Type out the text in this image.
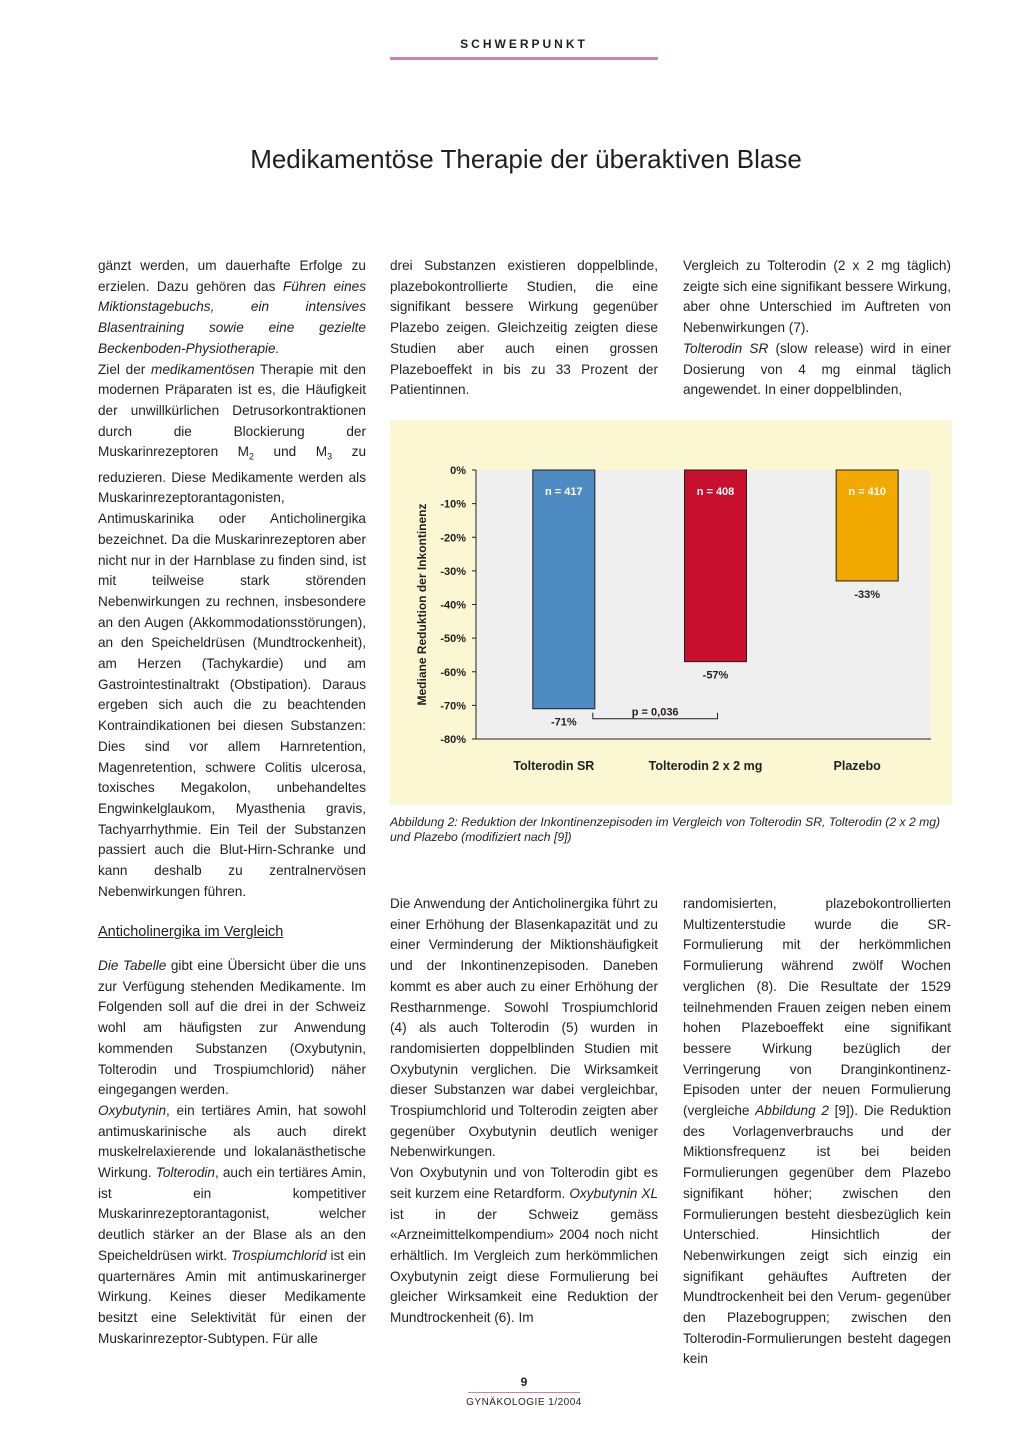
SCHWERPUNKT
Medikamentöse Therapie der überaktiven Blase

gänzt werden, um dauerhafte Erfolge zu erzielen. Dazu gehören das Führen eines Miktionstagebuchs, ein intensives Blasentraining sowie eine gezielte Beckenboden-Physiotherapie.

Ziel der medikamentösen Therapie mit den modernen Präparaten ist es, die Häufigkeit der unwillkürlichen Detrusorkontraktionen durch die Blockierung der Muskarinrezeptoren $M_2$ und $M_3$ zu reduzieren. Diese Medikamente werden als Muskarinrezeptorantagonisten, Antimuskarinika oder Anticholinergika bezeichnet. Da die Muskarinrezeptoren aber nicht nur in der Harnblase zu finden sind, ist mit teilweise stark störenden Nebenwirkungen zu rechnen, insbesondere an den Augen (Akkommodationsstörungen), an den Speicheldrüsen (Mundtrockenheit), am Herzen (Tachykardie) und am Gastrointestinaltrakt (Obstipation). Daraus ergeben sich auch die zu beachtenden Kontraindikationen bei diesen Substanzen: Dies sind vor allem Harnretention, Magenretention, schwere Colitis ulcerosa, toxisches Megakolon, unbehandeltes Engwinkelglaukom, Myasthenia gravis, Tachyarrhythmie. Ein Teil der Substanzen passiert auch die Blut-Hirn-Schranke und kann deshalb zu zentralnervösen Nebenwirkungen führen.

Anticholinergika im Vergleich

Die Tabelle gibt eine Übersicht über die uns zur Verfügung stehenden Medikamente. Im Folgenden soll auf die drei in der Schweiz wohl am häufigsten zur Anwendung kommenden Substanzen (Oxybutynin, Tolterodin und Trospiumchlorid) näher eingegangen werden.

Oxybutynin, ein tertiäres Amin, hat sowohl antimuskarinische als auch direkt muskelrelaxierende und lokalanästhetische Wirkung. Tolterodin, auch ein tertiäres Amin, ist ein kompetitiver Muskarinrezeptorantagonist, welcher deutlich stärker an der Blase als an den Speicheldrüsen wirkt. Trospiumchlorid ist ein quarternäres Amin mit antimuskarinerger Wirkung. Keines dieser Medikamente besitzt eine Selektivität für einen der Muskarinrezeptor-Subtypen. Für alle

drei Substanzen existieren doppelblinde, plazebokontrollierte Studien, die eine signifikant bessere Wirkung gegenüber Plazebo zeigen. Gleichzeitig zeigten diese Studien aber auch einen grossen Plazeboeffekt in bis zu 33 Prozent der Patientinnen.

Vergleich zu Tolterodin (2 x 2 mg täglich) zeigte sich eine signifikant bessere Wirkung, aber ohne Unterschied im Auftreten von Nebenwirkungen (7).

Tolterodin SR (slow release) wird in einer Dosierung von 4 mg einmal täglich angewendet. In einer doppelblinden,

0%
-10%
-20%
-30%
-40%
-50%
-60%
-70%
-80%
Mediane Reduktion der Inkontinenz
n = 417
-71%
Tolterodin SR
n = 408
-57%
Tolterodin 2 x 2 mg
n = 410
-33%
Plazebo
p = 0,036
Abbildung 2: Reduktion der Inkontinenzepisoden im Vergleich von Tolterodin SR, Tolterodin (2 x 2 mg) und Plazebo (modifiziert nach [9])

Die Anwendung der Anticholinergika führt zu einer Erhöhung der Blasenkapazität und zu einer Verminderung der Miktionshäufigkeit und der Inkontinenzepisoden. Daneben kommt es aber auch zu einer Erhöhung der Restharnmenge. Sowohl Trospiumchlorid (4) als auch Tolterodin (5) wurden in randomisierten doppelblinden Studien mit Oxybutynin verglichen. Die Wirksamkeit dieser Substanzen war dabei vergleichbar, Trospiumchlorid und Tolterodin zeigten aber gegenüber Oxybutynin deutlich weniger Nebenwirkungen.

Von Oxybutynin und von Tolterodin gibt es seit kurzem eine Retardform. Oxybutynin XL ist in der Schweiz gemäss «Arzneimittelkompendium» 2004 noch nicht erhältlich. Im Vergleich zum herkömmlichen Oxybutynin zeigt diese Formulierung bei gleicher Wirksamkeit eine Reduktion der Mundtrockenheit (6). Im

randomisierten, plazebokontrollierten Multizenterstudie wurde die SR-Formulierung mit der herkömmlichen Formulierung während zwölf Wochen verglichen (8). Die Resultate der 1529 teilnehmenden Frauen zeigen neben einem hohen Plazeboeffekt eine signifikant bessere Wirkung bezüglich der Verringerung von Dranginkontinenz-Episoden unter der neuen Formulierung (vergleiche Abbildung 2 [9]). Die Reduktion des Vorlagenverbrauchs und der Miktionsfrequenz ist bei beiden Formulierungen gegenüber dem Plazebo signifikant höher; zwischen den Formulierungen besteht diesbezüglich kein Unterschied. Hinsichtlich der Nebenwirkungen zeigt sich einzig ein signifikant gehäuftes Auftreten der Mundtrockenheit bei den Verum- gegenüber den Plazebogruppen; zwischen den Tolterodin-Formulierungen besteht dagegen kein

9
GYNÄKOLOGIE 1/2004
